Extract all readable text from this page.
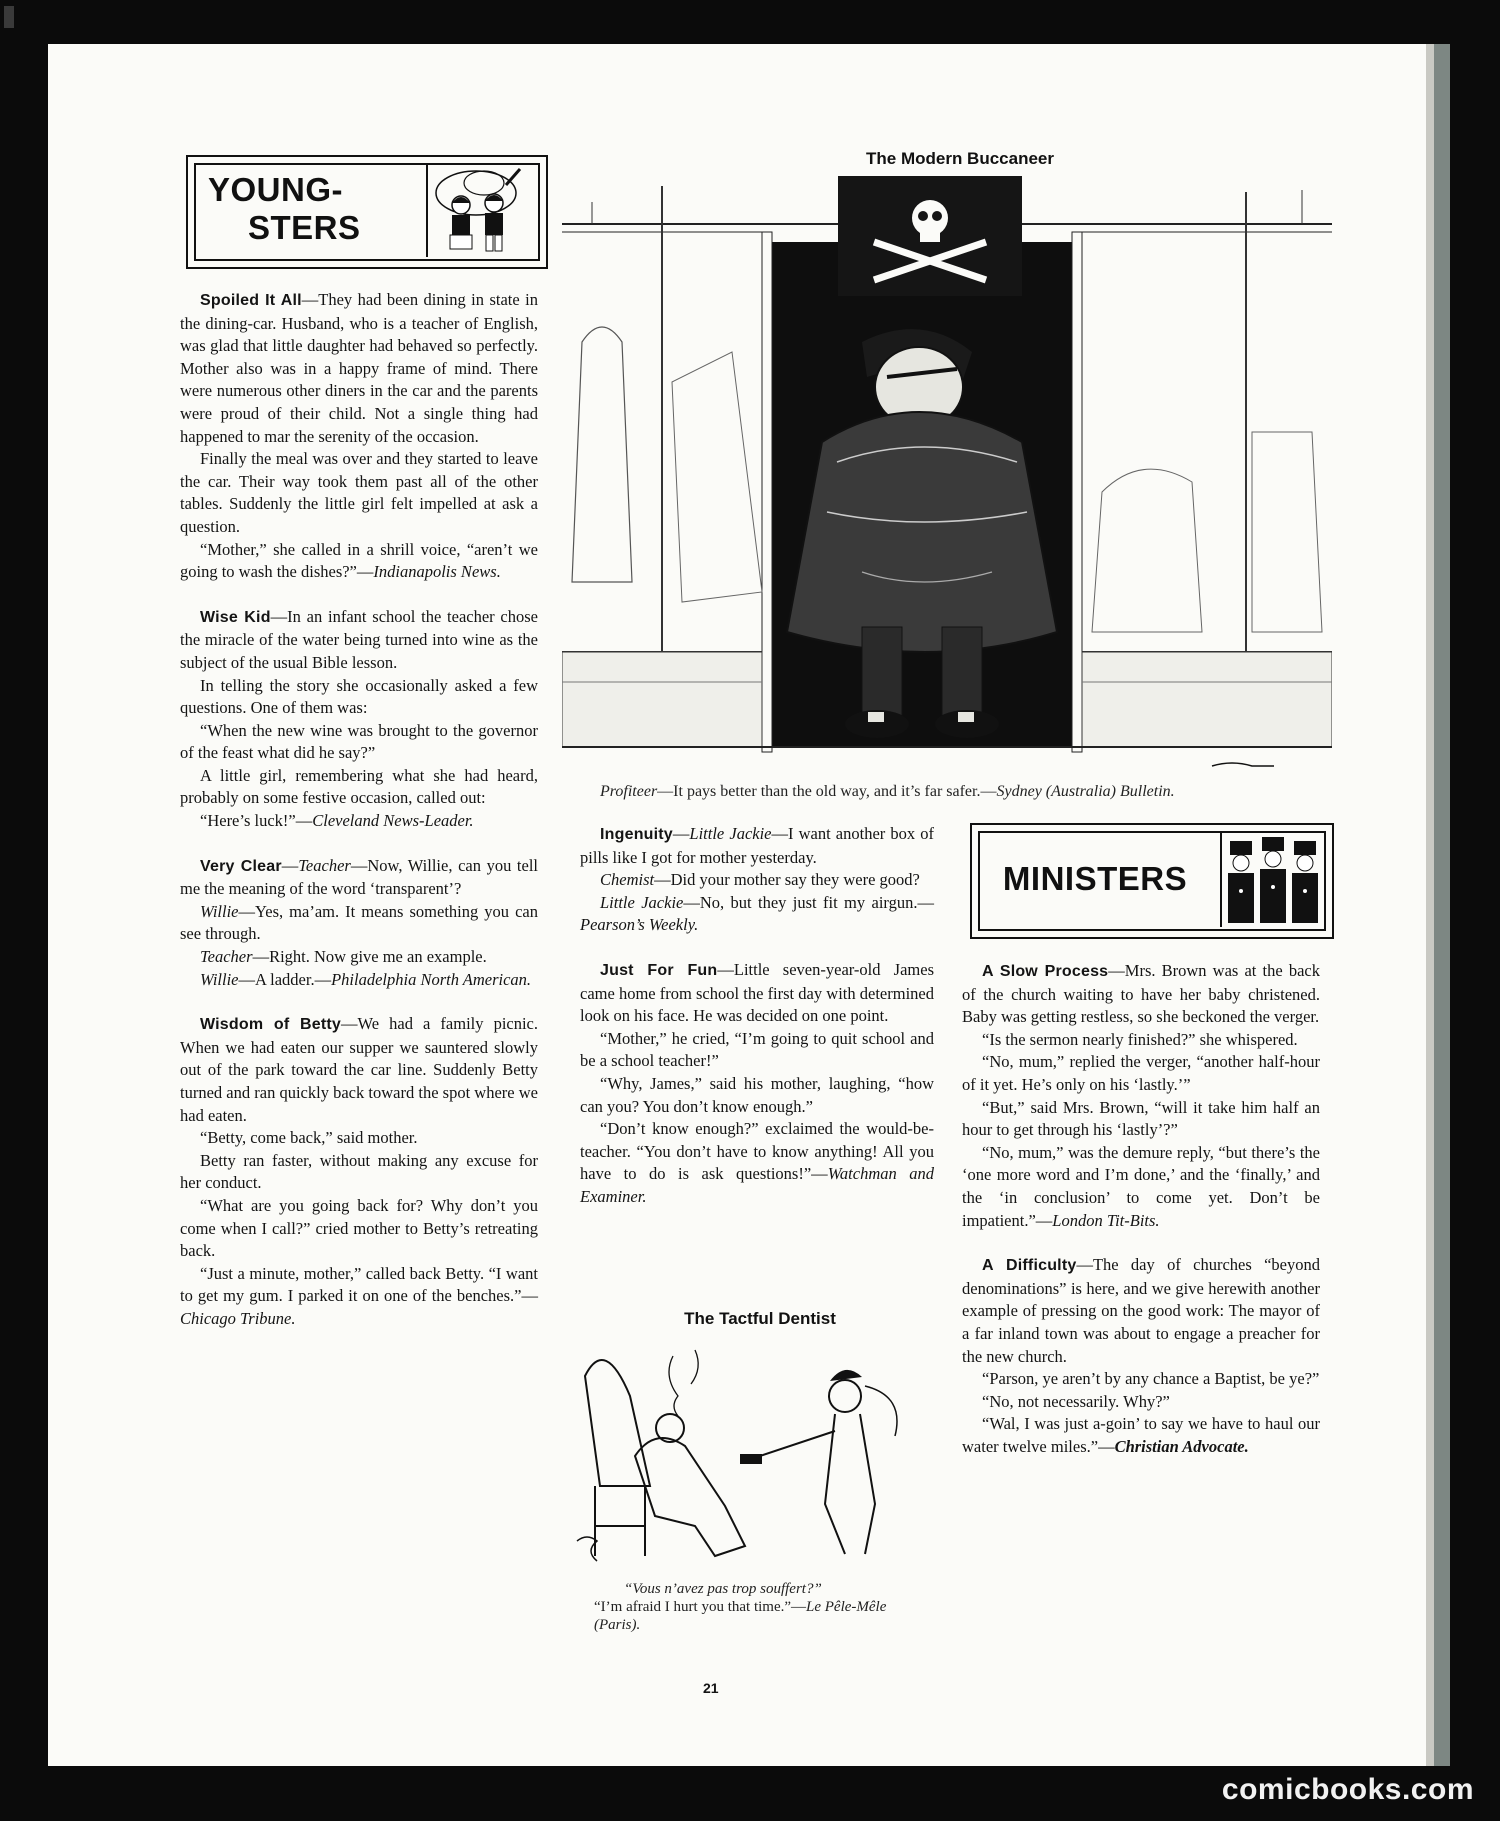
YOUNG-
STERS

Spoiled It All—They had been dining in state in the dining-car. Husband, who is a teacher of English, was glad that little daughter had behaved so perfectly. Mother also was in a happy frame of mind. There were numerous other diners in the car and the parents were proud of their child. Not a single thing had happened to mar the serenity of the occasion.

Finally the meal was over and they started to leave the car. Their way took them past all of the other tables. Suddenly the little girl felt impelled at ask a question.

“Mother,” she called in a shrill voice, “aren’t we going to wash the dishes?”—Indianapolis News.

Wise Kid—In an infant school the teacher chose the miracle of the water being turned into wine as the subject of the usual Bible lesson.

In telling the story she occasionally asked a few questions. One of them was:

“When the new wine was brought to the governor of the feast what did he say?”

A little girl, remembering what she had heard, probably on some festive occasion, called out:

“Here’s luck!”—Cleveland News-Leader.

Very Clear—Teacher—Now, Willie, can you tell me the meaning of the word ‘transparent’?

Willie—Yes, ma’am. It means something you can see through.

Teacher—Right. Now give me an example.

Willie—A ladder.—Philadelphia North American.

Wisdom of Betty—We had a family picnic. When we had eaten our supper we sauntered slowly out of the park toward the car line. Suddenly Betty turned and ran quickly back toward the spot where we had eaten.

“Betty, come back,” said mother.

Betty ran faster, without making any excuse for her conduct.

“What are you going back for? Why don’t you come when I call?” cried mother to Betty’s retreating back.

“Just a minute, mother,” called back Betty. “I want to get my gum. I parked it on one of the benches.”—Chicago Tribune.

The Modern Buccaneer
Profiteer—It pays better than the old way, and it’s far safer.—Sydney (Australia) Bulletin.

Ingenuity—Little Jackie—I want another box of pills like I got for mother yesterday.

Chemist—Did your mother say they were good?

Little Jackie—No, but they just fit my airgun.—Pearson’s Weekly.

Just For Fun—Little seven-year-old James came home from school the first day with determined look on his face. He was decided on one point.

“Mother,” he cried, “I’m going to quit school and be a school teacher!”

“Why, James,” said his mother, laughing, “how can you? You don’t know enough.”

“Don’t know enough?” exclaimed the would-be-teacher. “You don’t have to know anything! All you have to do is ask questions!”—Watchman and Examiner.

The Tactful Dentist
“Vous n’avez pas trop souffert?”
“I’m afraid I hurt you that time.”—Le Pêle-Mêle (Paris).
MINISTERS

A Slow Process—Mrs. Brown was at the back of the church waiting to have her baby christened. Baby was getting restless, so she beckoned the verger.

“Is the sermon nearly finished?” she whispered.

“No, mum,” replied the verger, “another half-hour of it yet. He’s only on his ‘lastly.’”

“But,” said Mrs. Brown, “will it take him half an hour to get through his ‘lastly’?”

“No, mum,” was the demure reply, “but there’s the ‘one more word and I’m done,’ and the ‘finally,’ and the ‘in conclusion’ to come yet. Don’t be impatient.”—London Tit-Bits.

A Difficulty—The day of churches “beyond denominations” is here, and we give herewith another example of pressing on the good work: The mayor of a far inland town was about to engage a preacher for the new church.

“Parson, ye aren’t by any chance a Baptist, be ye?”

“No, not necessarily. Why?”

“Wal, I was just a-goin’ to say we have to haul our water twelve miles.”—Christian Advocate.

21
comicbooks.com
